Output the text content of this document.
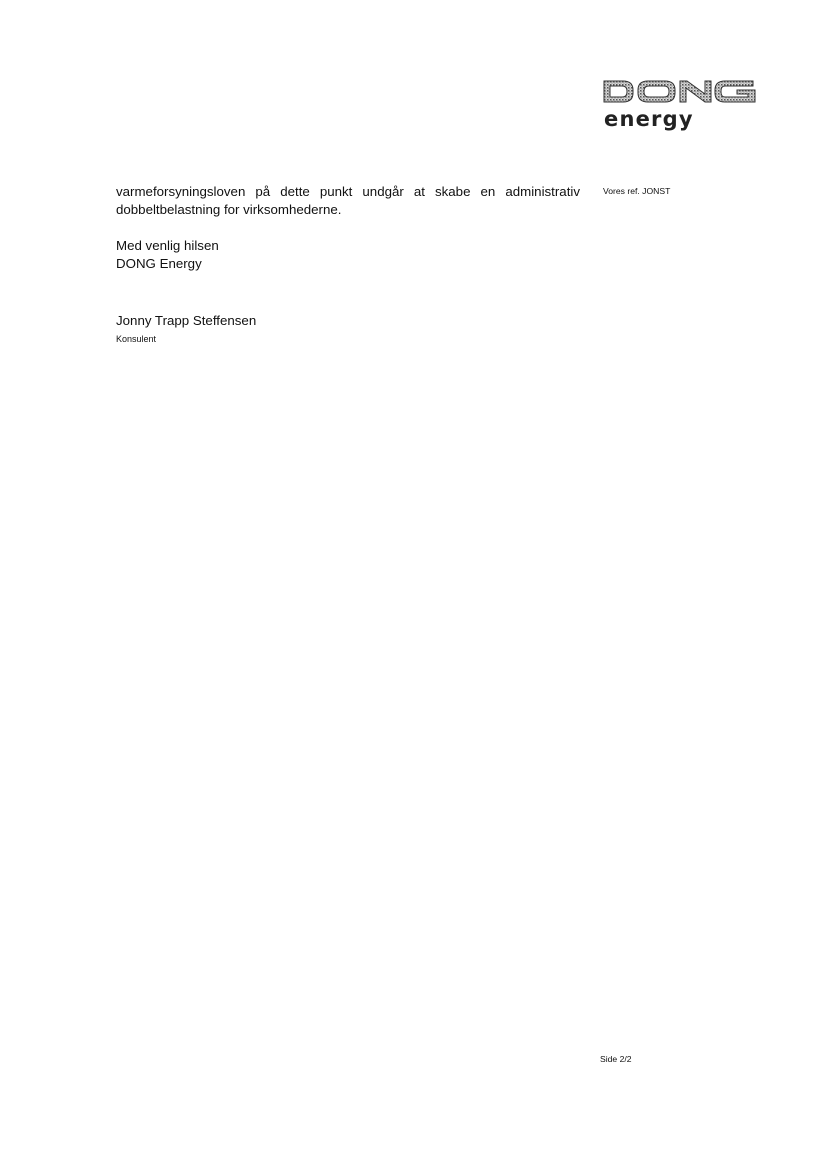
energy
Vores ref. JONST
varmeforsyningsloven på dette punkt undgår at skabe en administrativ
dobbeltbelastning for virksomhederne.
Med venlig hilsen
DONG Energy
Jonny Trapp Steffensen
Konsulent
Side 2/2
